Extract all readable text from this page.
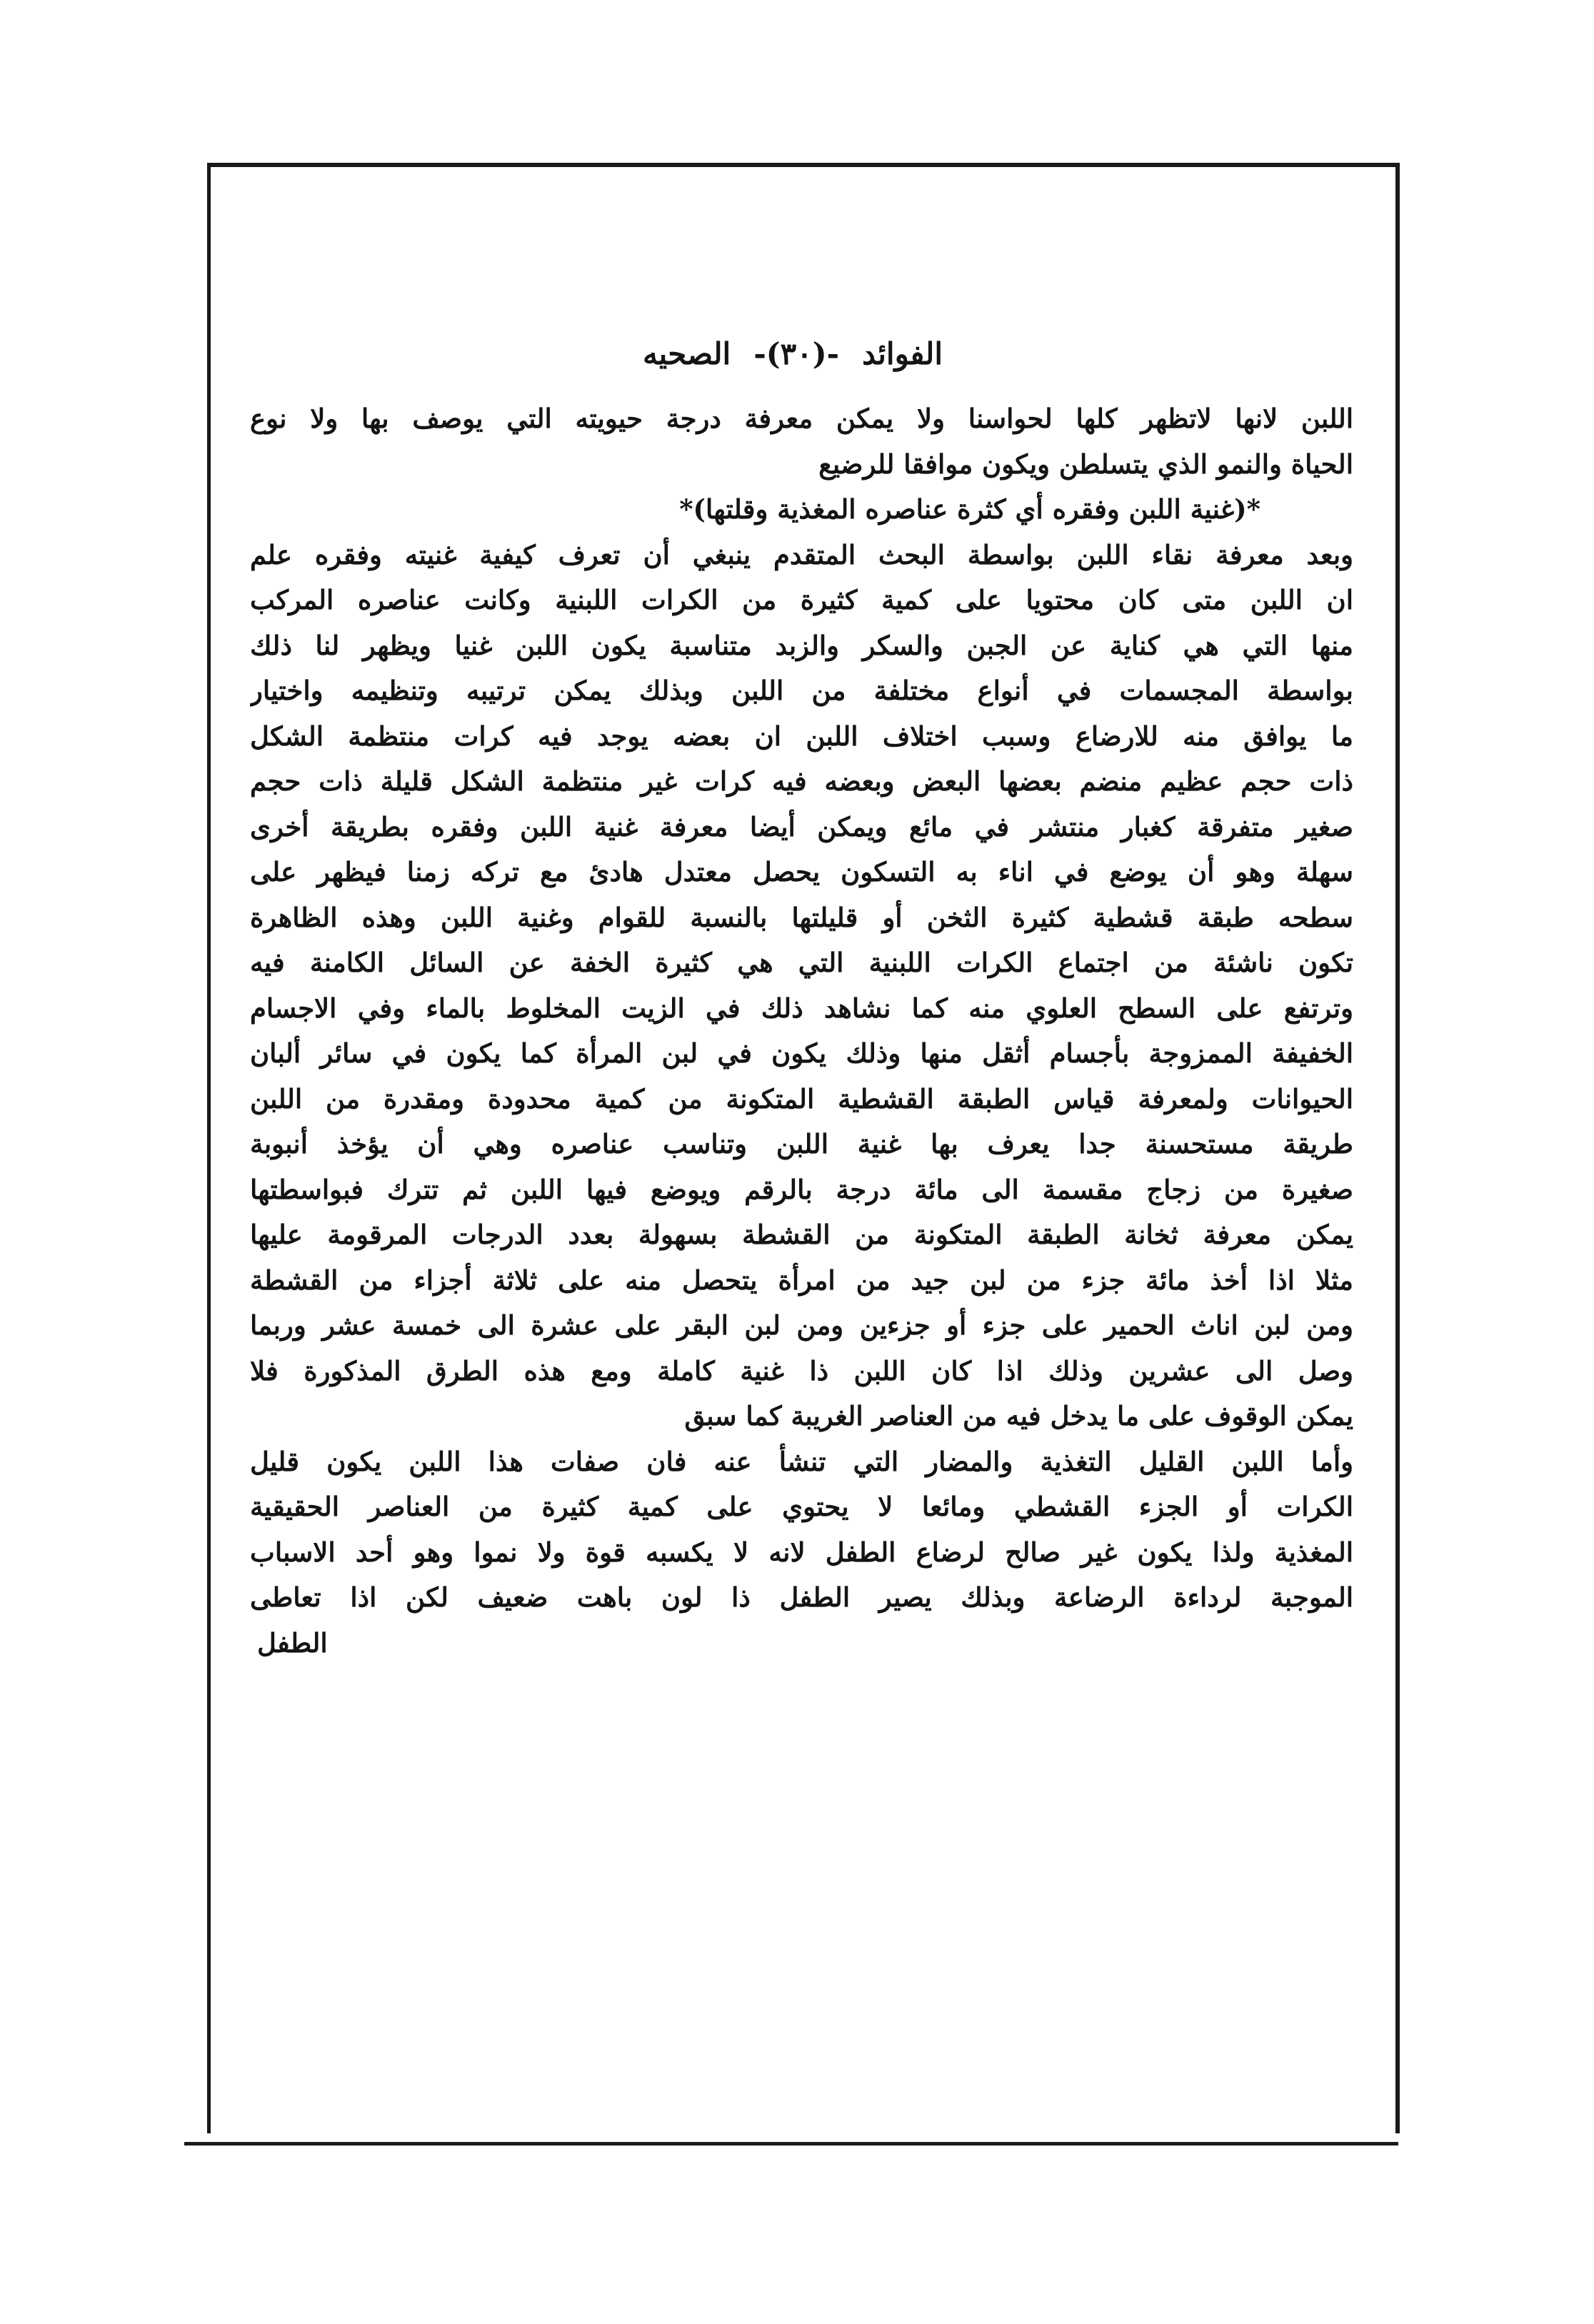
الفوائد
-(٣٠)-
الصحيه
اللبن لانها لاتظهر كلها لحواسنا ولا يمكن معرفة درجة حيويته التي يوصف بها ولا نوع
الحياة والنمو الذي يتسلطن ويكون موافقا للرضيع
*(غنية اللبن وفقره أي كثرة عناصره المغذية وقلتها)*
وبعد معرفة نقاء اللبن بواسطة البحث المتقدم ينبغي أن تعرف كيفية غنيته وفقره علم
ان اللبن متى كان محتويا على كمية كثيرة من الكرات اللبنية وكانت عناصره المركب
منها التي هي كناية عن الجبن والسكر والزبد متناسبة يكون اللبن غنيا ويظهر لنا ذلك
بواسطة المجسمات في أنواع مختلفة من اللبن وبذلك يمكن ترتيبه وتنظيمه واختيار
ما يوافق منه للارضاع وسبب اختلاف اللبن ان بعضه يوجد فيه كرات منتظمة الشكل
ذات حجم عظيم منضم بعضها البعض وبعضه فيه كرات غير منتظمة الشكل قليلة ذات حجم
صغير متفرقة كغبار منتشر في مائع ويمكن أيضا معرفة غنية اللبن وفقره بطريقة أخرى
سهلة وهو أن يوضع في اناء به التسكون يحصل معتدل هادئ مع تركه زمنا فيظهر على
سطحه طبقة قشطية كثيرة الثخن أو قليلتها بالنسبة للقوام وغنية اللبن وهذه الظاهرة
تكون ناشئة من اجتماع الكرات اللبنية التي هي كثيرة الخفة عن السائل الكامنة فيه
وترتفع على السطح العلوي منه كما نشاهد ذلك في الزيت المخلوط بالماء وفي الاجسام
الخفيفة الممزوجة بأجسام أثقل منها وذلك يكون في لبن المرأة كما يكون في سائر ألبان
الحيوانات ولمعرفة قياس الطبقة القشطية المتكونة من كمية محدودة ومقدرة من اللبن
طريقة مستحسنة جدا يعرف بها غنية اللبن وتناسب عناصره وهي أن يؤخذ أنبوبة
صغيرة من زجاج مقسمة الى مائة درجة بالرقم ويوضع فيها اللبن ثم تترك فبواسطتها
يمكن معرفة ثخانة الطبقة المتكونة من القشطة بسهولة بعدد الدرجات المرقومة عليها
مثلا اذا أخذ مائة جزء من لبن جيد من امرأة يتحصل منه على ثلاثة أجزاء من القشطة
ومن لبن اناث الحمير على جزء أو جزءين ومن لبن البقر على عشرة الى خمسة عشر وربما
وصل الى عشرين وذلك اذا كان اللبن ذا غنية كاملة ومع هذه الطرق المذكورة فلا
يمكن الوقوف على ما يدخل فيه من العناصر الغريبة كما سبق
وأما اللبن القليل التغذية والمضار التي تنشأ عنه فان صفات هذا اللبن يكون قليل
الكرات أو الجزء القشطي ومائعا لا يحتوي على كمية كثيرة من العناصر الحقيقية
المغذية ولذا يكون غير صالح لرضاع الطفل لانه لا يكسبه قوة ولا نموا وهو أحد الاسباب
الموجبة لرداءة الرضاعة وبذلك يصير الطفل ذا لون باهت ضعيف لكن اذا تعاطى
الطفل
